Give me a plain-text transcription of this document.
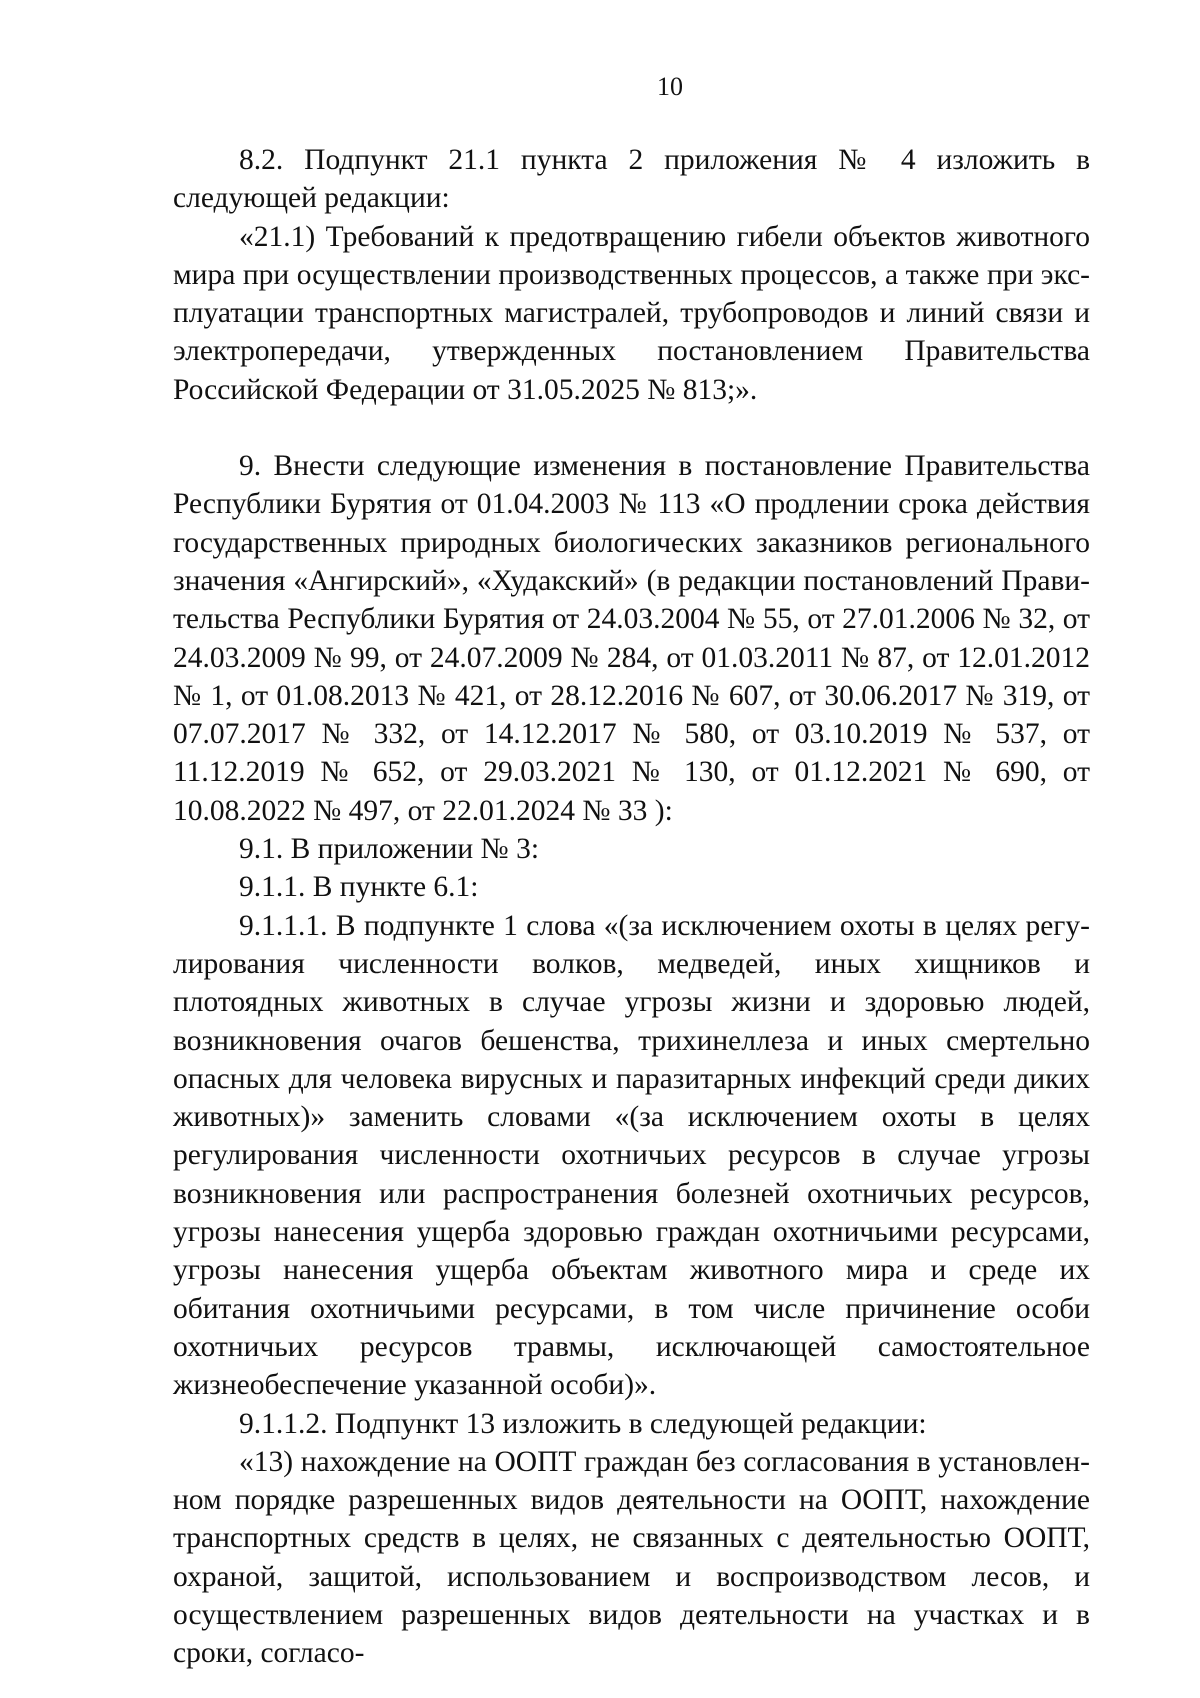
10

8.2. Подпункт 21.1 пункта 2 приложения № 4 изложить в следующей редакции:

«21.1) Требований к предотвращению гибели объектов животного мира при осуществлении производственных процессов, а также при эксплуатации транспортных магистралей, трубопроводов и линий связи и электропередачи, утвержденных постановлением Правительства Российской Федерации от 31.05.2025 № 813;».

9. Внести следующие изменения в постановление Правительства Республики Бурятия от 01.04.2003 № 113 «О продлении срока действия государственных природных биологических заказников регионального значения «Ангирский», «Худакский» (в редакции постановлений Правительства Республики Бурятия от 24.03.2004 № 55, от 27.01.2006 № 32, от 24.03.2009 № 99, от 24.07.2009 № 284, от 01.03.2011 № 87, от 12.01.2012 № 1, от 01.08.2013 № 421, от 28.12.2016 № 607, от 30.06.2017 № 319, от 07.07.2017 № 332, от 14.12.2017 № 580, от 03.10.2019 № 537, от 11.12.2019 № 652, от 29.03.2021 № 130, от 01.12.2021 № 690, от 10.08.2022 № 497, от 22.01.2024 № 33 ):

9.1. В приложении № 3:

9.1.1. В пункте 6.1:

9.1.1.1. В подпункте 1 слова «(за исключением охоты в целях регулирования численности волков, медведей, иных хищников и плотоядных животных в случае угрозы жизни и здоровью людей, возникновения очагов бешенства, трихинеллеза и иных смертельно опасных для человека вирусных и паразитарных инфекций среди диких животных)» заменить словами «(за исключением охоты в целях регулирования численности охотничьих ресурсов в случае угрозы возникновения или распространения болезней охотничьих ресурсов, угрозы нанесения ущерба здоровью граждан охотничьими ресурсами, угрозы нанесения ущерба объектам животного мира и среде их обитания охотничьими ресурсами, в том числе причинение особи охотничьих ресурсов травмы, исключающей самостоятельное жизнеобеспечение указанной особи)».

9.1.1.2. Подпункт 13 изложить в следующей редакции:

«13) нахождение на ООПТ граждан без согласования в установленном порядке разрешенных видов деятельности на ООПТ, нахождение транспортных средств в целях, не связанных с деятельностью ООПТ, охраной, защитой, использованием и воспроизводством лесов, и осуществлением разрешенных видов деятельности на участках и в сроки, согласо-
